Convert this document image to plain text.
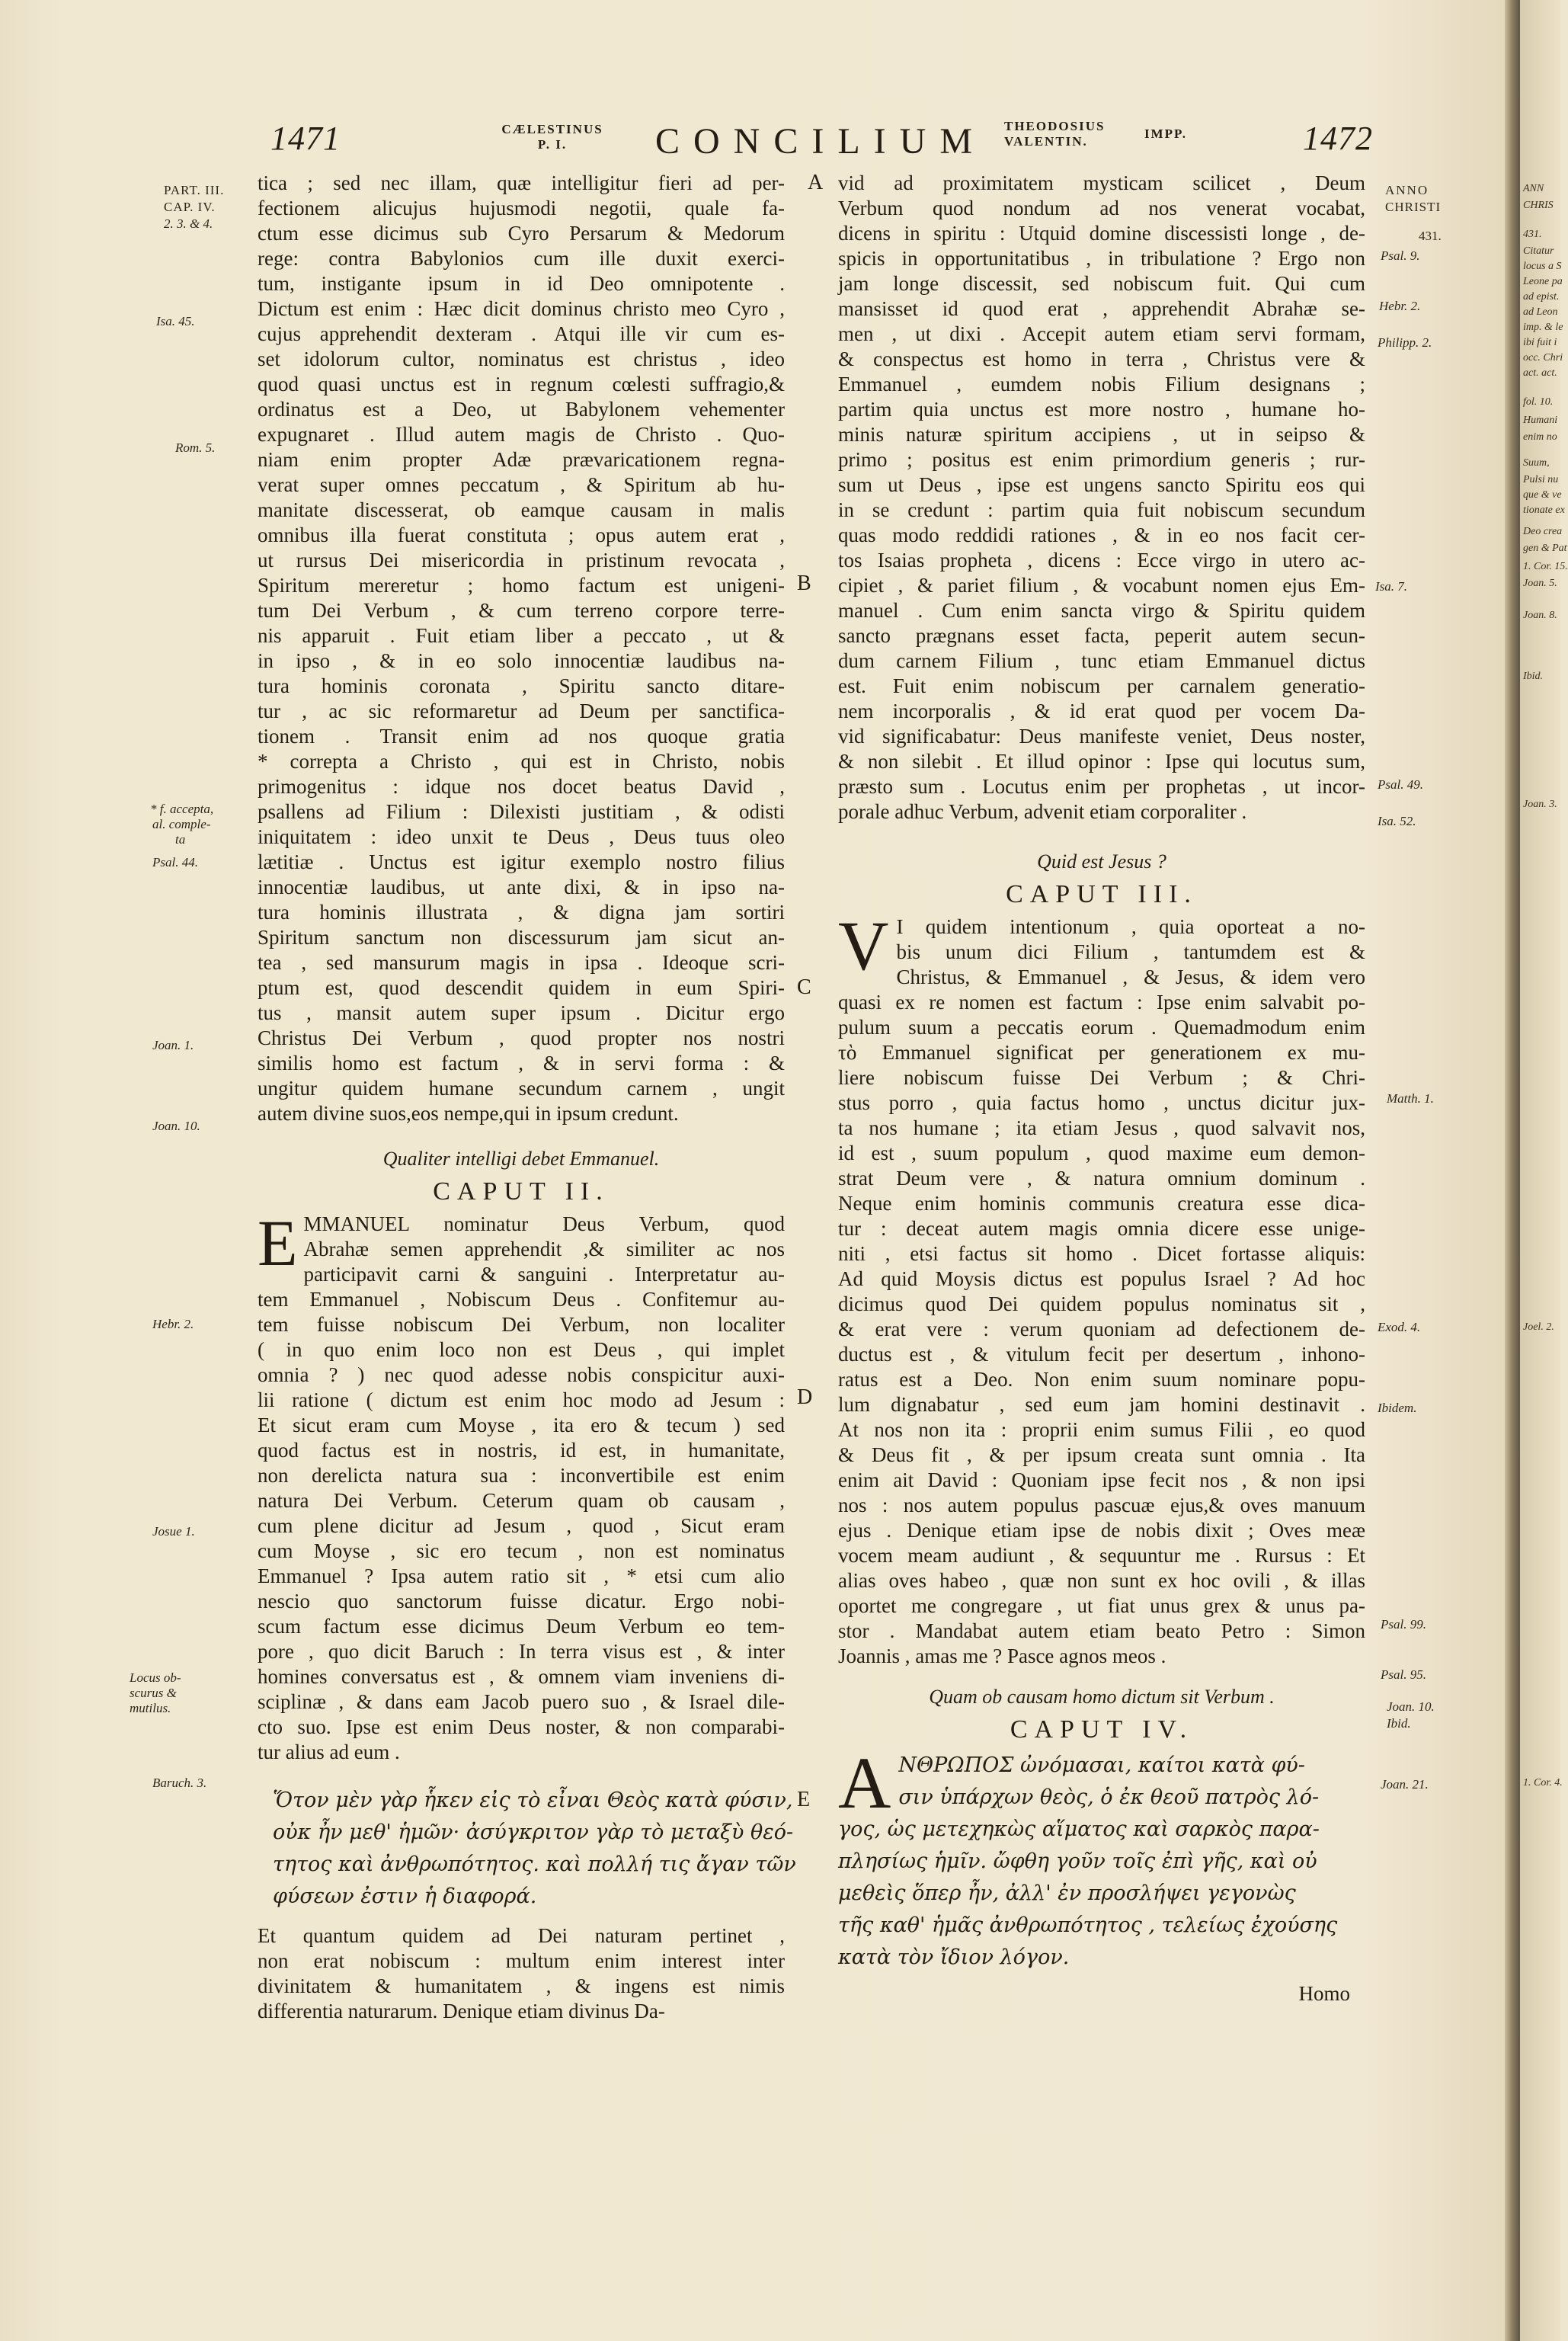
1471	CÆLESTINUS
P. I.	CONCILIUM THEODOSIUS
VALENTIN.
IMPP.	1472
PART. III.
CAP. IV.
2. 3. & 4.
Isa. 45.
Rom. 5.
* f. accepta,
al. comple-
ta
Psal. 44.
Joan. 1.
Joan. 10.
Hebr. 2.
Josue 1.
Locus ob-
scurus &
mutilus.
Baruch. 3.
ANNO
CHRISTI
431.
Psal. 9.
Hebr. 2.
Philipp. 2.
Isa. 7.
Psal. 49.
Isa. 52.
Matth. 1.
Exod. 4.
Ibidem.
Psal. 99.
Psal. 95.
Joan. 10.
Ibid.
Joan. 21.
A
B
C
D
E
tica ; sed nec illam, quæ intelligitur fieri ad per-
fectionem alicujus hujusmodi negotii, quale fa-
ctum esse dicimus sub Cyro Persarum & Medorum
rege: contra Babylonios cum ille duxit exerci-
tum, instigante ipsum in id Deo omnipotente .
Dictum est enim : Hæc dicit dominus christo meo Cyro ,
cujus apprehendit dexteram . Atqui ille vir cum es-
set idolorum cultor, nominatus est christus , ideo
quod quasi unctus est in regnum cœlesti suffragio,&
ordinatus est a Deo, ut Babylonem vehementer
expugnaret . Illud autem magis de Christo . Quo-
niam enim propter Adæ prævaricationem regna-
verat super omnes peccatum , & Spiritum ab hu-
manitate discesserat, ob eamque causam in malis
omnibus illa fuerat constituta ; opus autem erat ,
ut rursus Dei misericordia in pristinum revocata ,
Spiritum mereretur ; homo factum est unigeni-
tum Dei Verbum , & cum terreno corpore terre-
nis apparuit . Fuit etiam liber a peccato , ut &
in ipso , & in eo solo innocentiæ laudibus na-
tura hominis coronata , Spiritu sancto ditare-
tur , ac sic reformaretur ad Deum per sanctifica-
tionem . Transit enim ad nos quoque gratia
* correpta a Christo , qui est in Christo, nobis
primogenitus : idque nos docet beatus David ,
psallens ad Filium : Dilexisti justitiam , & odisti
iniquitatem : ideo unxit te Deus , Deus tuus oleo
lætitiæ . Unctus est igitur exemplo nostro filius
innocentiæ laudibus, ut ante dixi, & in ipso na-
tura hominis illustrata , & digna jam sortiri
Spiritum sanctum non discessurum jam sicut an-
tea , sed mansurum magis in ipsa . Ideoque scri-
ptum est, quod descendit quidem in eum Spiri-
tus , mansit autem super ipsum . Dicitur ergo
Christus Dei Verbum , quod propter nos nostri
similis homo est factum , & in servi forma : &
ungitur quidem humane secundum carnem , ungit
autem divine suos,eos nempe,qui in ipsum credunt.
Qualiter intelligi debet Emmanuel.
CAPUT II.
E MMANUEL nominatur Deus Verbum, quod
Abrahæ semen apprehendit ,& similiter ac nos
participavit carni & sanguini . Interpretatur au-
tem Emmanuel , Nobiscum Deus . Confitemur au-
tem fuisse nobiscum Dei Verbum, non localiter
( in quo enim loco non est Deus , qui implet
omnia ? ) nec quod adesse nobis conspicitur auxi-
lii ratione ( dictum est enim hoc modo ad Jesum :
Et sicut eram cum Moyse , ita ero & tecum ) sed
quod factus est in nostris, id est, in humanitate,
non derelicta natura sua : inconvertibile est enim
natura Dei Verbum. Ceterum quam ob causam ,
cum plene dicitur ad Jesum , quod , Sicut eram
cum Moyse , sic ero tecum , non est nominatus
Emmanuel ? Ipsa autem ratio sit , * etsi cum alio
nescio quo sanctorum fuisse dicatur. Ergo nobi-
scum factum esse dicimus Deum Verbum eo tem-
pore , quo dicit Baruch : In terra visus est , & inter
homines conversatus est , & omnem viam inveniens di-
sciplinæ , & dans eam Jacob puero suo , & Israel dile-
cto suo. Ipse est enim Deus noster, & non comparabi-
tur alius ad eum .
Ὅτον μὲν γὰρ ἧκεν εἰς τὸ εἶναι Θεὸς κατὰ φύσιν,
οὐκ ἦν μεθ' ἡμῶν· ἀσύγκριτον γὰρ τὸ μεταξὺ θεό-
τητος καὶ ἀνθρωπότητος. καὶ πολλή τις ἄγαν τῶν
φύσεων ἐστιν ἡ διαφορά.
Et quantum quidem ad Dei naturam pertinet ,
non erat nobiscum : multum enim interest inter
divinitatem & humanitatem , & ingens est nimis
differentia naturarum. Denique etiam divinus Da-
vid ad proximitatem mysticam scilicet , Deum
Verbum quod nondum ad nos venerat vocabat,
dicens in spiritu : Utquid domine discessisti longe , de-
spicis in opportunitatibus , in tribulatione ? Ergo non
jam longe discessit, sed nobiscum fuit. Qui cum
mansisset id quod erat , apprehendit Abrahæ se-
men , ut dixi . Accepit autem etiam servi formam,
& conspectus est homo in terra , Christus vere &
Emmanuel , eumdem nobis Filium designans ;
partim quia unctus est more nostro , humane ho-
minis naturæ spiritum accipiens , ut in seipso &
primo ; positus est enim primordium generis ; rur-
sum ut Deus , ipse est ungens sancto Spiritu eos qui
in se credunt : partim quia fuit nobiscum secundum
quas modo reddidi rationes , & in eo nos facit cer-
tos Isaias propheta , dicens : Ecce virgo in utero ac-
cipiet , & pariet filium , & vocabunt nomen ejus Em-
manuel . Cum enim sancta virgo & Spiritu quidem
sancto prægnans esset facta, peperit autem secun-
dum carnem Filium , tunc etiam Emmanuel dictus
est. Fuit enim nobiscum per carnalem generatio-
nem incorporalis , & id erat quod per vocem Da-
vid significabatur: Deus manifeste veniet, Deus noster,
& non silebit . Et illud opinor : Ipse qui locutus sum,
præsto sum . Locutus enim per prophetas , ut incor-
porale adhuc Verbum, advenit etiam corporaliter .
Quid est Jesus ?
CAPUT III.
V I quidem intentionum , quia oporteat a no-
bis unum dici Filium , tantumdem est &
Christus, & Emmanuel , & Jesus, & idem vero
quasi ex re nomen est factum : Ipse enim salvabit po-
pulum suum a peccatis eorum . Quemadmodum enim
τὸ Emmanuel significat per generationem ex mu-
liere nobiscum fuisse Dei Verbum ; & Chri-
stus porro , quia factus homo , unctus dicitur jux-
ta nos humane ; ita etiam Jesus , quod salvavit nos,
id est , suum populum , quod maxime eum demon-
strat Deum vere , & natura omnium dominum .
Neque enim hominis communis creatura esse dica-
tur : deceat autem magis omnia dicere esse unige-
niti , etsi factus sit homo . Dicet fortasse aliquis:
Ad quid Moysis dictus est populus Israel ? Ad hoc
dicimus quod Dei quidem populus nominatus sit ,
& erat vere : verum quoniam ad defectionem de-
ductus est , & vitulum fecit per desertum , inhono-
ratus est a Deo. Non enim suum nominare popu-
lum dignabatur , sed eum jam homini destinavit .
At nos non ita : proprii enim sumus Filii , eo quod
& Deus fit , & per ipsum creata sunt omnia . Ita
enim ait David : Quoniam ipse fecit nos , & non ipsi
nos : nos autem populus pascuæ ejus,& oves manuum
ejus . Denique etiam ipse de nobis dixit ; Oves meæ
vocem meam audiunt , & sequuntur me . Rursus : Et
alias oves habeo , quæ non sunt ex hoc ovili , & illas
oportet me congregare , ut fiat unus grex & unus pa-
stor . Mandabat autem etiam beato Petro : Simon
Joannis , amas me ? Pasce agnos meos .
Quam ob causam homo dictum sit Verbum .
CAPUT IV.
A ΝΘΡΩΠΟΣ ὠνόμασαι, καίτοι κατὰ φύ-
σιν ὑπάρχων θεὸς, ὁ ἐκ θεοῦ πατρὸς λό-
γος, ὡς μετεχηκὼς αἵματος καὶ σαρκὸς παρα-
πλησίως ἡμῖν. ὤφθη γοῦν τοῖς ἐπὶ γῆς, καὶ οὐ
μεθεὶς ὅπερ ἦν, ἀλλ' ἐν προσλήψει γεγονὼς
τῆς καθ' ἡμᾶς ἀνθρωπότητος , τελείως ἐχούσης
κατὰ τὸν ἴδιον λόγον.
Homo
ANN
CHRIS
431.
Citatur
locus a S
Leone pa
ad epist.
ad Leon
imp. & le
ibi fuit i
occ. Chri
act. act.
fol. 10.
Humani
enim no
Suum,
Pulsi nu
que & ve
tionate ex
Deo crea
gen & Pat
1. Cor. 15.
Joan. 5.
Joan. 8.
Ibid.
Joan. 3.
Joel. 2.
1. Cor. 4.
